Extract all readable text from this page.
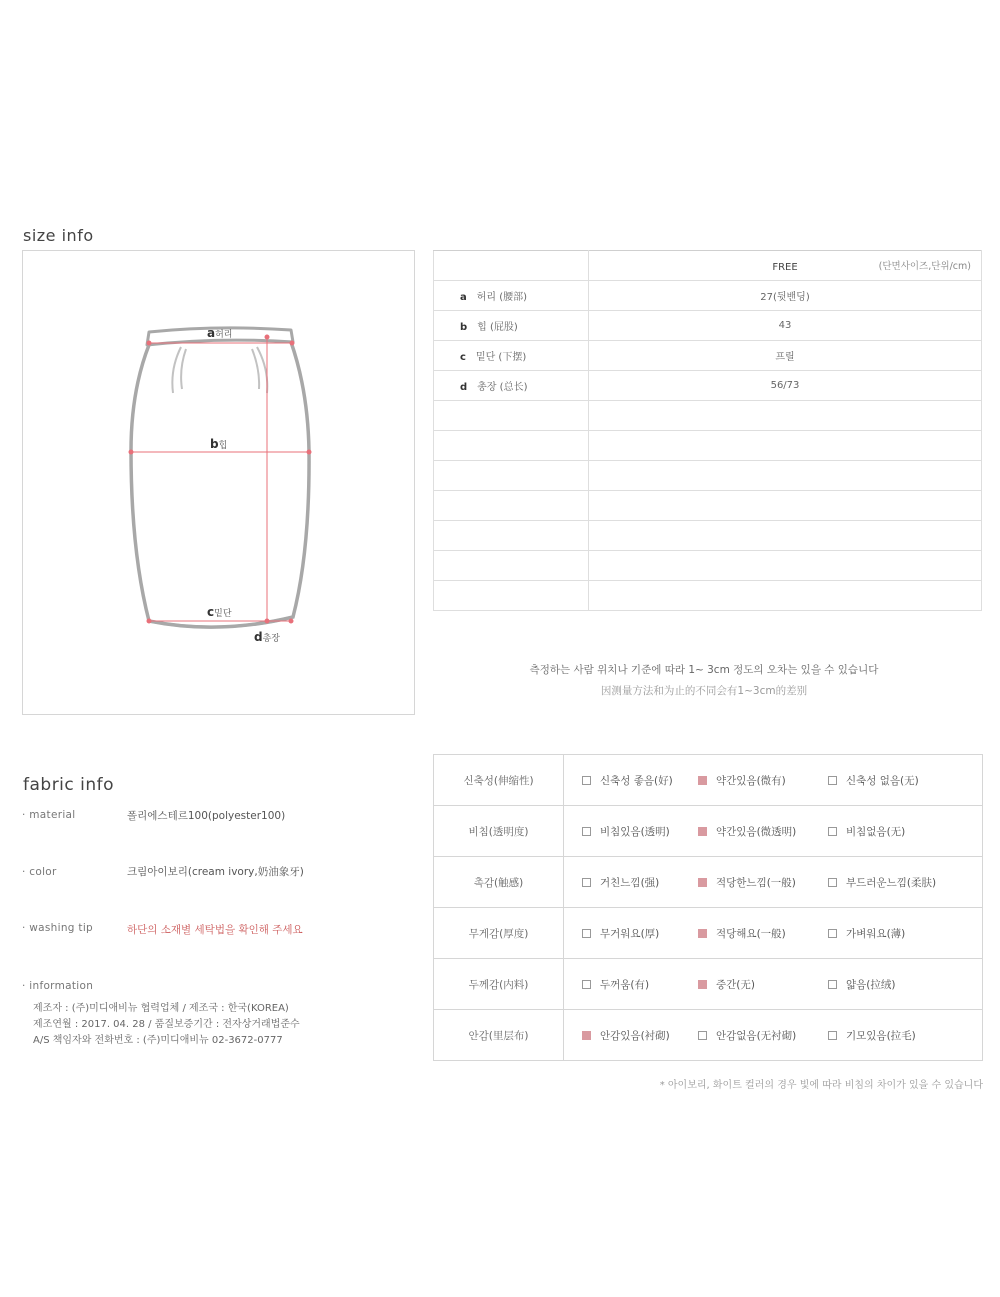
size info
a허리
b힙
c밑단
d총장
	FREE (단면사이즈,단위/cm)

a 허리 (腰部)	27(뒷밴딩)
b 힙 (屁股)	43
c 밑단 (下摆)	프릴
d 총장 (总长)	56/73

측정하는 사람 위치나 기준에 따라 1~ 3cm 정도의 오차는 있을 수 있습니다
因测量方法和为止的不同会有1~3cm的差别
fabric info
· material	폴리에스테르100(polyester100)
· color	크림아이보리(cream ivory,奶油象牙)
· washing tip	하단의 소재별 세탁법을 확인해 주세요
· information
제조자 : (주)미디애비뉴 협력업체 / 제조국 : 한국(KOREA)
제조연월 : 2017. 04. 28 / 품질보증기간 : 전자상거래법준수
A/S 책임자와 전화번호 : (주)미디애비뉴 02-3672-0777
신축성(伸缩性)	신축성 좋음(好) 약간있음(微有) 신축성 없음(无)

비침(透明度)	비침있음(透明) 약간있음(微透明) 비침없음(无)

촉감(触感)	거친느낌(强) 적당한느낌(一般) 부드러운느낌(柔肤)

무게감(厚度)	무거워요(厚) 적당해요(一般) 가벼워요(薄)

두께감(内料)	두꺼움(有) 중간(无) 얇음(拉绒)

안감(里层布)	안감있음(衬砌) 안감없음(无衬砌) 기모있음(拉毛)
* 아이보리, 화이트 컬러의 경우 빛에 따라 비침의 차이가 있을 수 있습니다
